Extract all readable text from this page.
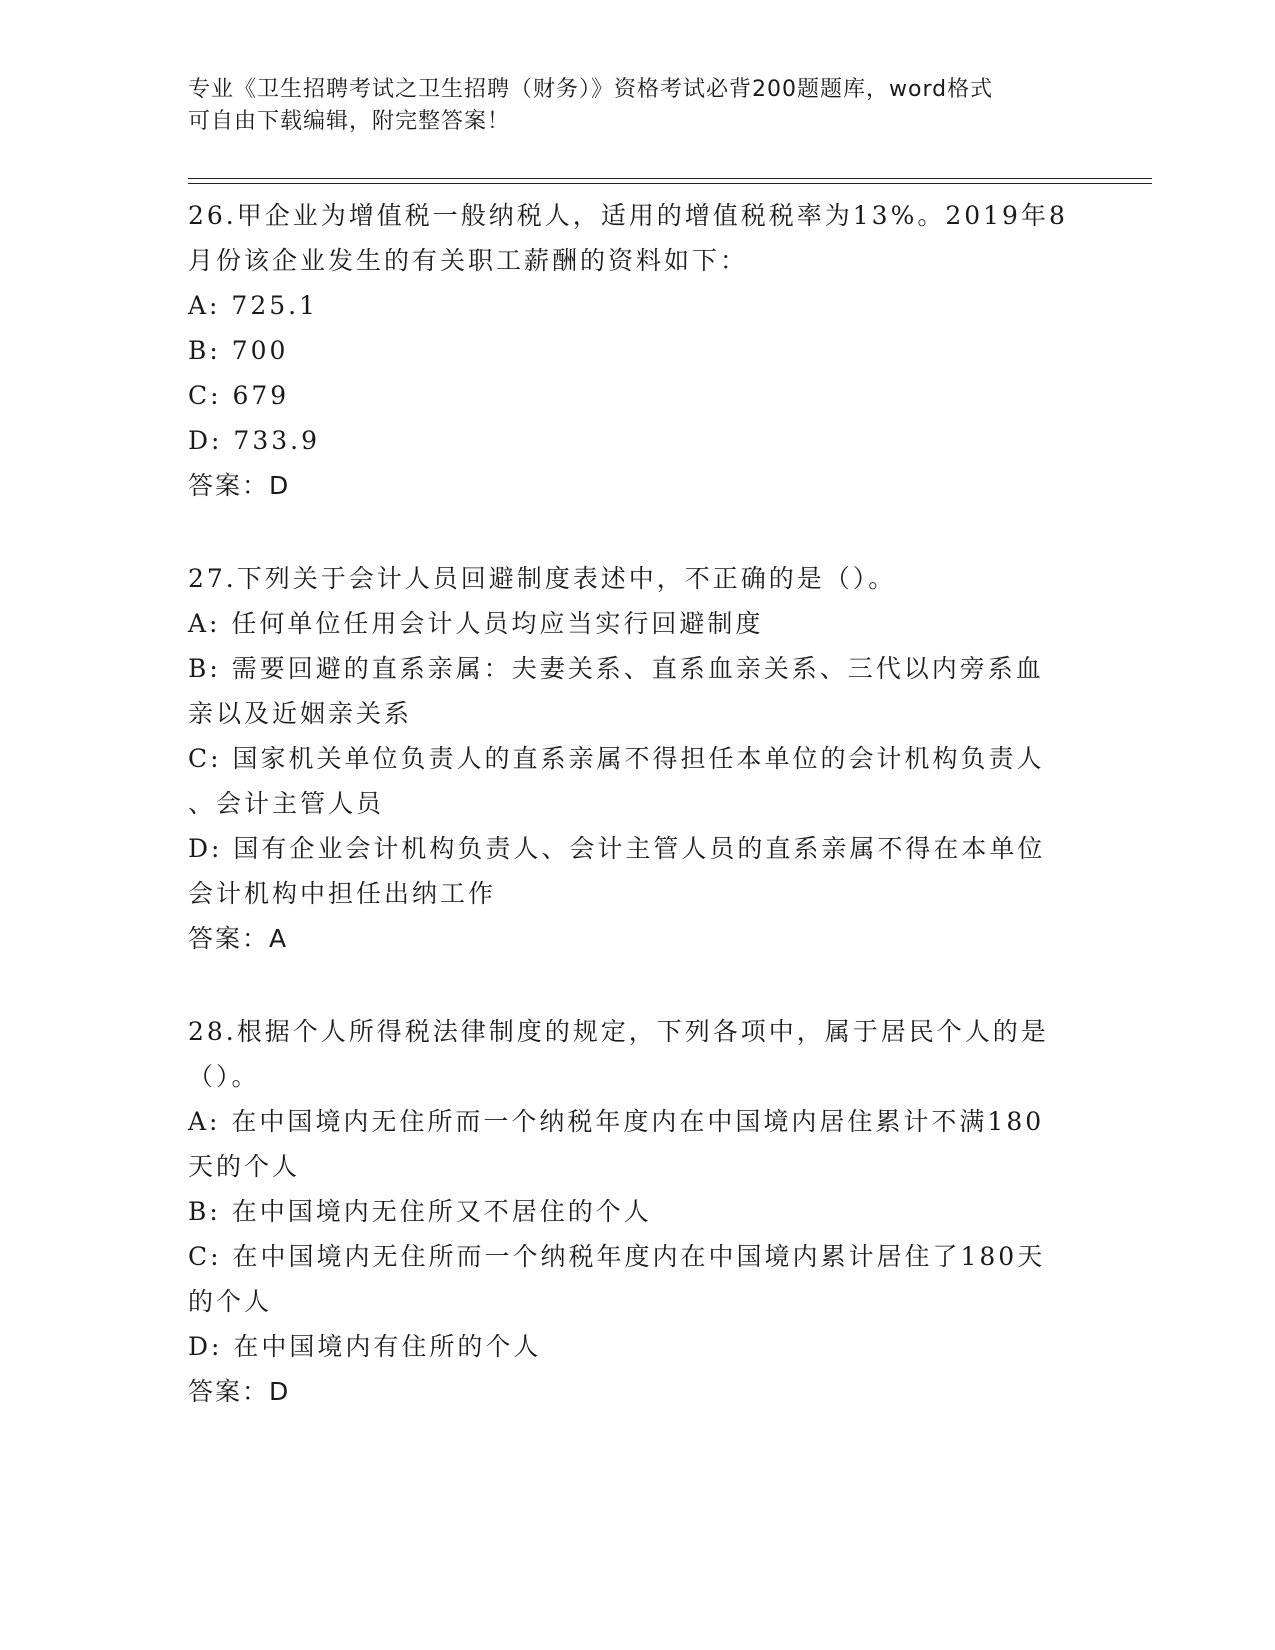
专业《卫生招聘考试之卫生招聘（财务）》资格考试必背200题题库，word格式
可自由下载编辑，附完整答案！
26.甲企业为增值税一般纳税人，适用的增值税税率为13%。2019年8
月份该企业发生的有关职工薪酬的资料如下：
A: 725.1
B: 700
C: 679
D: 733.9
答案：D
27.下列关于会计人员回避制度表述中，不正确的是（）。
A: 任何单位任用会计人员均应当实行回避制度
B: 需要回避的直系亲属：夫妻关系、直系血亲关系、三代以内旁系血
亲以及近姻亲关系
C: 国家机关单位负责人的直系亲属不得担任本单位的会计机构负责人
、会计主管人员
D: 国有企业会计机构负责人、会计主管人员的直系亲属不得在本单位
会计机构中担任出纳工作
答案：A
28.根据个人所得税法律制度的规定，下列各项中，属于居民个人的是
（）。
A: 在中国境内无住所而一个纳税年度内在中国境内居住累计不满180
天的个人
B: 在中国境内无住所又不居住的个人
C: 在中国境内无住所而一个纳税年度内在中国境内累计居住了180天
的个人
D: 在中国境内有住所的个人
答案：D
